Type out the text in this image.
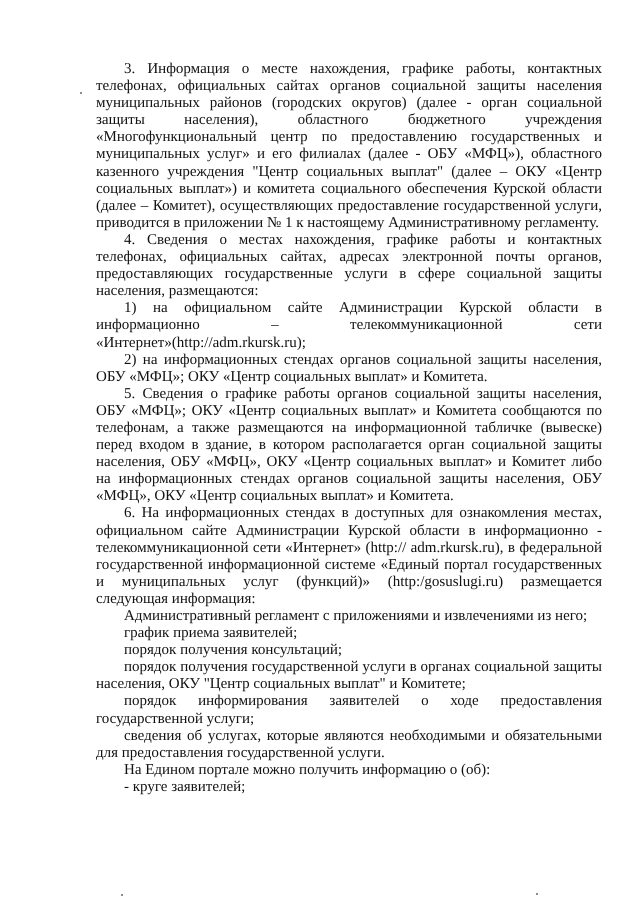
3. Информация о месте нахождения, графике работы, контактных телефонах, официальных сайтах органов социальной защиты населения муниципальных районов (городских округов) (далее - орган социальной защиты населения), областного бюджетного учреждения «Многофункциональный центр по предоставлению государственных и муниципальных услуг» и его филиалах (далее - ОБУ «МФЦ»), областного казенного учреждения "Центр социальных выплат" (далее – ОКУ «Центр социальных выплат») и комитета социального обеспечения Курской области (далее – Комитет), осуществляющих предоставление государственной услуги, приводится в приложении № 1 к настоящему Административному регламенту.

4. Сведения о местах нахождения, графике работы и контактных телефонах, официальных сайтах, адресах электронной почты органов, предоставляющих государственные услуги в сфере социальной защиты населения, размещаются:

1) на официальном сайте Администрации Курской области в информационно – телекоммуникационной сети «Интернет»(http://adm.rkursk.ru);

2) на информационных стендах органов социальной защиты населения, ОБУ «МФЦ»; ОКУ «Центр социальных выплат» и Комитета.

5. Сведения о графике работы органов социальной защиты населения, ОБУ «МФЦ»; ОКУ «Центр социальных выплат» и Комитета сообщаются по телефонам, а также размещаются на информационной табличке (вывеске) перед входом в здание, в котором располагается орган социальной защиты населения, ОБУ «МФЦ», ОКУ «Центр социальных выплат» и Комитет либо на информационных стендах органов социальной защиты населения, ОБУ «МФЦ», ОКУ «Центр социальных выплат» и Комитета.

6. На информационных стендах в доступных для ознакомления местах, официальном сайте Администрации Курской области в информационно - телекоммуникационной сети «Интернет» (http:// adm.rkursk.ru), в федеральной государственной информационной системе «Единый портал государственных и муниципальных услуг (функций)» (http:/gosuslugi.ru) размещается следующая информация:

Административный регламент с приложениями и извлечениями из него;

график приема заявителей;

порядок получения консультаций;

порядок получения государственной услуги в органах социальной защиты населения, ОКУ "Центр социальных выплат" и Комитете;

порядок информирования заявителей о ходе предоставления государственной услуги;

сведения об услугах, которые являются необходимыми и обязательными для предоставления государственной услуги.

На Едином портале можно получить информацию о (об):

- круге заявителей;
